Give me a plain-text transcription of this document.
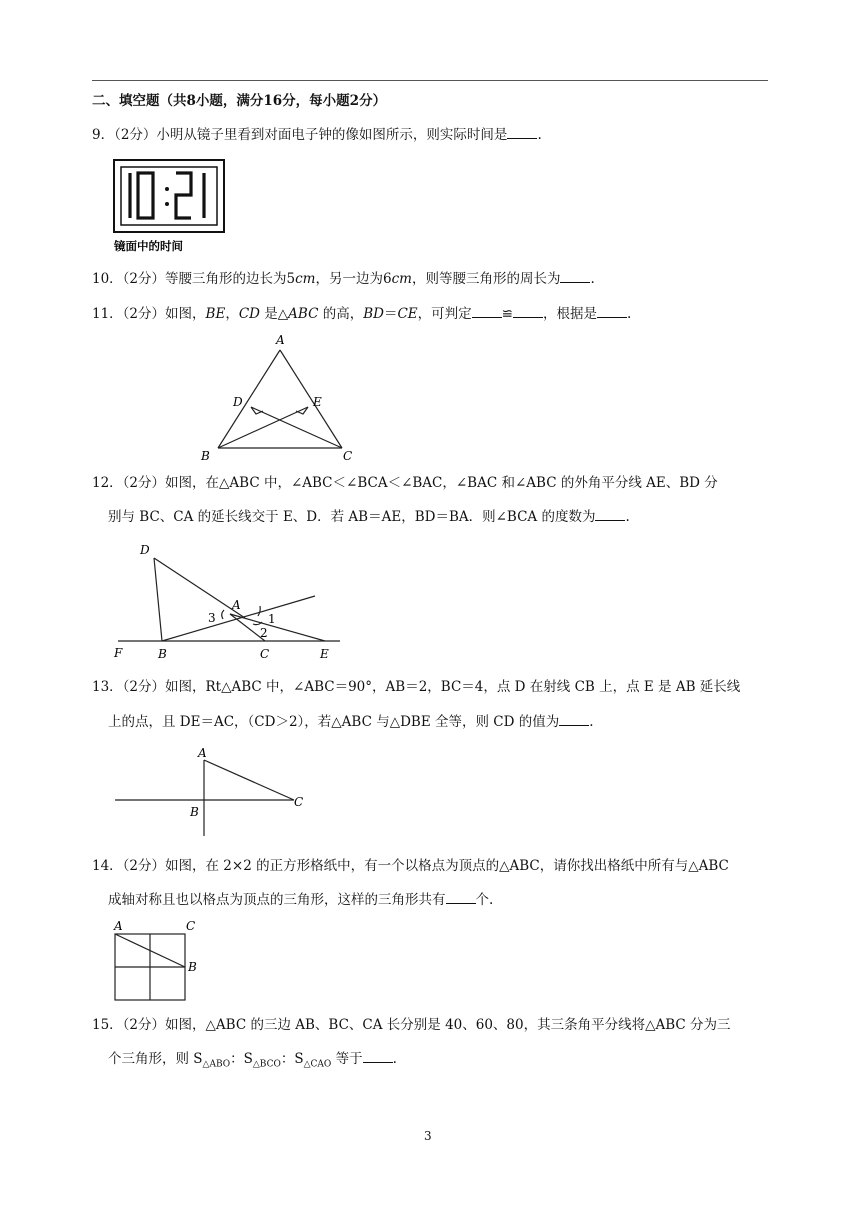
二、填空题（共8小题，满分16分，每小题2分）
9．（2分）小明从镜子里看到对面电子钟的像如图所示，则实际时间是 .
镜面中的时间
10．（2分）等腰三角形的边长为5cm，另一边为6cm，则等腰三角形的周长为 .
11．（2分）如图，BE，CD 是△ABC 的高，BD＝CE，可判定 ≌ ，根据是 .
A
D	E
B	C
12．（2分）如图，在△ABC 中，∠ABC＜∠BCA＜∠BAC，∠BAC 和∠ABC 的外角平分线 AE、BD 分
别与 BC、CA 的延长线交于 E、D．若 AB＝AE，BD＝BA．则∠BCA 的度数为 .
D
A
3	1
2
F	B	C	E
13．（2分）如图，Rt△ABC 中，∠ABC＝90°，AB＝2，BC＝4，点 D 在射线 CB 上，点 E 是 AB 延长线
上的点，且 DE＝AC，（CD＞2），若△ABC 与△DBE 全等，则 CD 的值为 .
A
B
C
14．（2分）如图，在 2×2 的正方形格纸中，有一个以格点为顶点的△ABC，请你找出格纸中所有与△ABC
成轴对称且也以格点为顶点的三角形，这样的三角形共有 个.
A	C
B
15．（2分）如图，△ABC 的三边 AB、BC、CA 长分别是 40、60、80，其三条角平分线将△ABC 分为三
个三角形，则 $S_{\triangle ABO}$：$S_{\triangle BCO}$：$S_{\triangle CAO}$ 等于 .
3
